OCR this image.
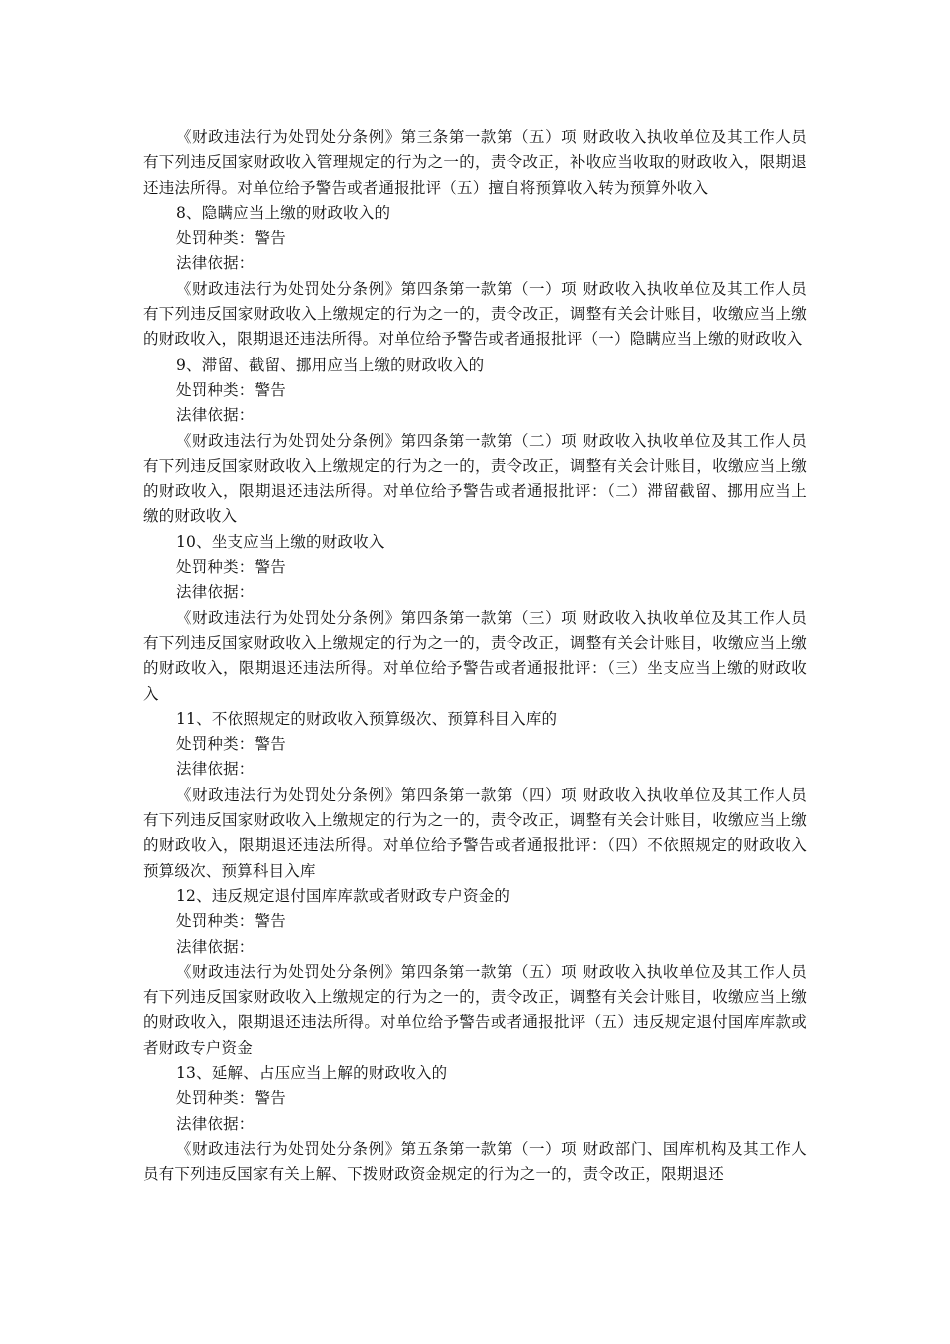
《财政违法行为处罚处分条例》第三条第一款第（五）项 财政收入执收单位及其工作人员有下列违反国家财政收入管理规定的行为之一的，责令改正，补收应当收取的财政收入，限期退还违法所得。对单位给予警告或者通报批评（五）擅自将预算收入转为预算外收入

8、隐瞒应当上缴的财政收入的

处罚种类：警告

法律依据：

《财政违法行为处罚处分条例》第四条第一款第（一）项 财政收入执收单位及其工作人员有下列违反国家财政收入上缴规定的行为之一的，责令改正，调整有关会计账目，收缴应当上缴的财政收入，限期退还违法所得。对单位给予警告或者通报批评（一）隐瞒应当上缴的财政收入

9、滞留、截留、挪用应当上缴的财政收入的

处罚种类：警告

法律依据：

《财政违法行为处罚处分条例》第四条第一款第（二）项 财政收入执收单位及其工作人员有下列违反国家财政收入上缴规定的行为之一的，责令改正，调整有关会计账目，收缴应当上缴的财政收入，限期退还违法所得。对单位给予警告或者通报批评：（二）滞留截留、挪用应当上缴的财政收入

10、坐支应当上缴的财政收入

处罚种类：警告

法律依据：

《财政违法行为处罚处分条例》第四条第一款第（三）项 财政收入执收单位及其工作人员有下列违反国家财政收入上缴规定的行为之一的，责令改正，调整有关会计账目，收缴应当上缴的财政收入，限期退还违法所得。对单位给予警告或者通报批评：（三）坐支应当上缴的财政收入

11、不依照规定的财政收入预算级次、预算科目入库的

处罚种类：警告

法律依据：

《财政违法行为处罚处分条例》第四条第一款第（四）项 财政收入执收单位及其工作人员有下列违反国家财政收入上缴规定的行为之一的，责令改正，调整有关会计账目，收缴应当上缴的财政收入，限期退还违法所得。对单位给予警告或者通报批评：（四）不依照规定的财政收入预算级次、预算科目入库

12、违反规定退付国库库款或者财政专户资金的

处罚种类：警告

法律依据：

《财政违法行为处罚处分条例》第四条第一款第（五）项 财政收入执收单位及其工作人员有下列违反国家财政收入上缴规定的行为之一的，责令改正，调整有关会计账目，收缴应当上缴的财政收入，限期退还违法所得。对单位给予警告或者通报批评（五）违反规定退付国库库款或者财政专户资金

13、延解、占压应当上解的财政收入的

处罚种类：警告

法律依据：

《财政违法行为处罚处分条例》第五条第一款第（一）项 财政部门、国库机构及其工作人员有下列违反国家有关上解、下拨财政资金规定的行为之一的，责令改正，限期退还
